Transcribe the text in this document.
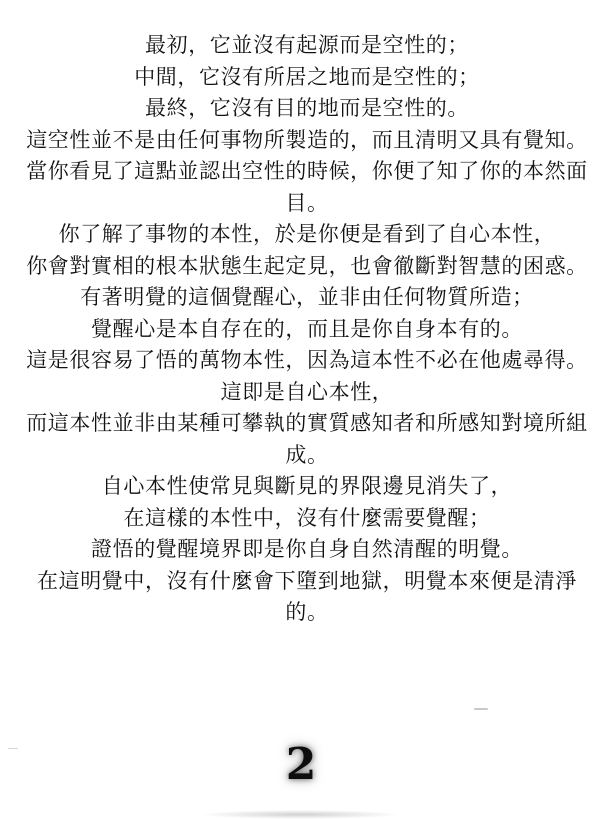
最初，它並沒有起源而是空性的；
中間，它沒有所居之地而是空性的；
最終，它沒有目的地而是空性的。
這空性並不是由任何事物所製造的，而且清明又具有覺知。
當你看見了這點並認出空性的時候，你便了知了你的本然面
目。
你了解了事物的本性，於是你便是看到了自心本性，
你會對實相的根本狀態生起定見，也會徹斷對智慧的困惑。
有著明覺的這個覺醒心，並非由任何物質所造；
覺醒心是本自存在的，而且是你自身本有的。
這是很容易了悟的萬物本性，因為這本性不必在他處尋得。
這即是自心本性，
而這本性並非由某種可攀執的實質感知者和所感知對境所組
成。
自心本性使常見與斷見的界限邊見消失了，
在這樣的本性中，沒有什麼需要覺醒；
證悟的覺醒境界即是你自身自然清醒的明覺。
在這明覺中，沒有什麼會下墮到地獄，明覺本來便是清淨
的。
2
